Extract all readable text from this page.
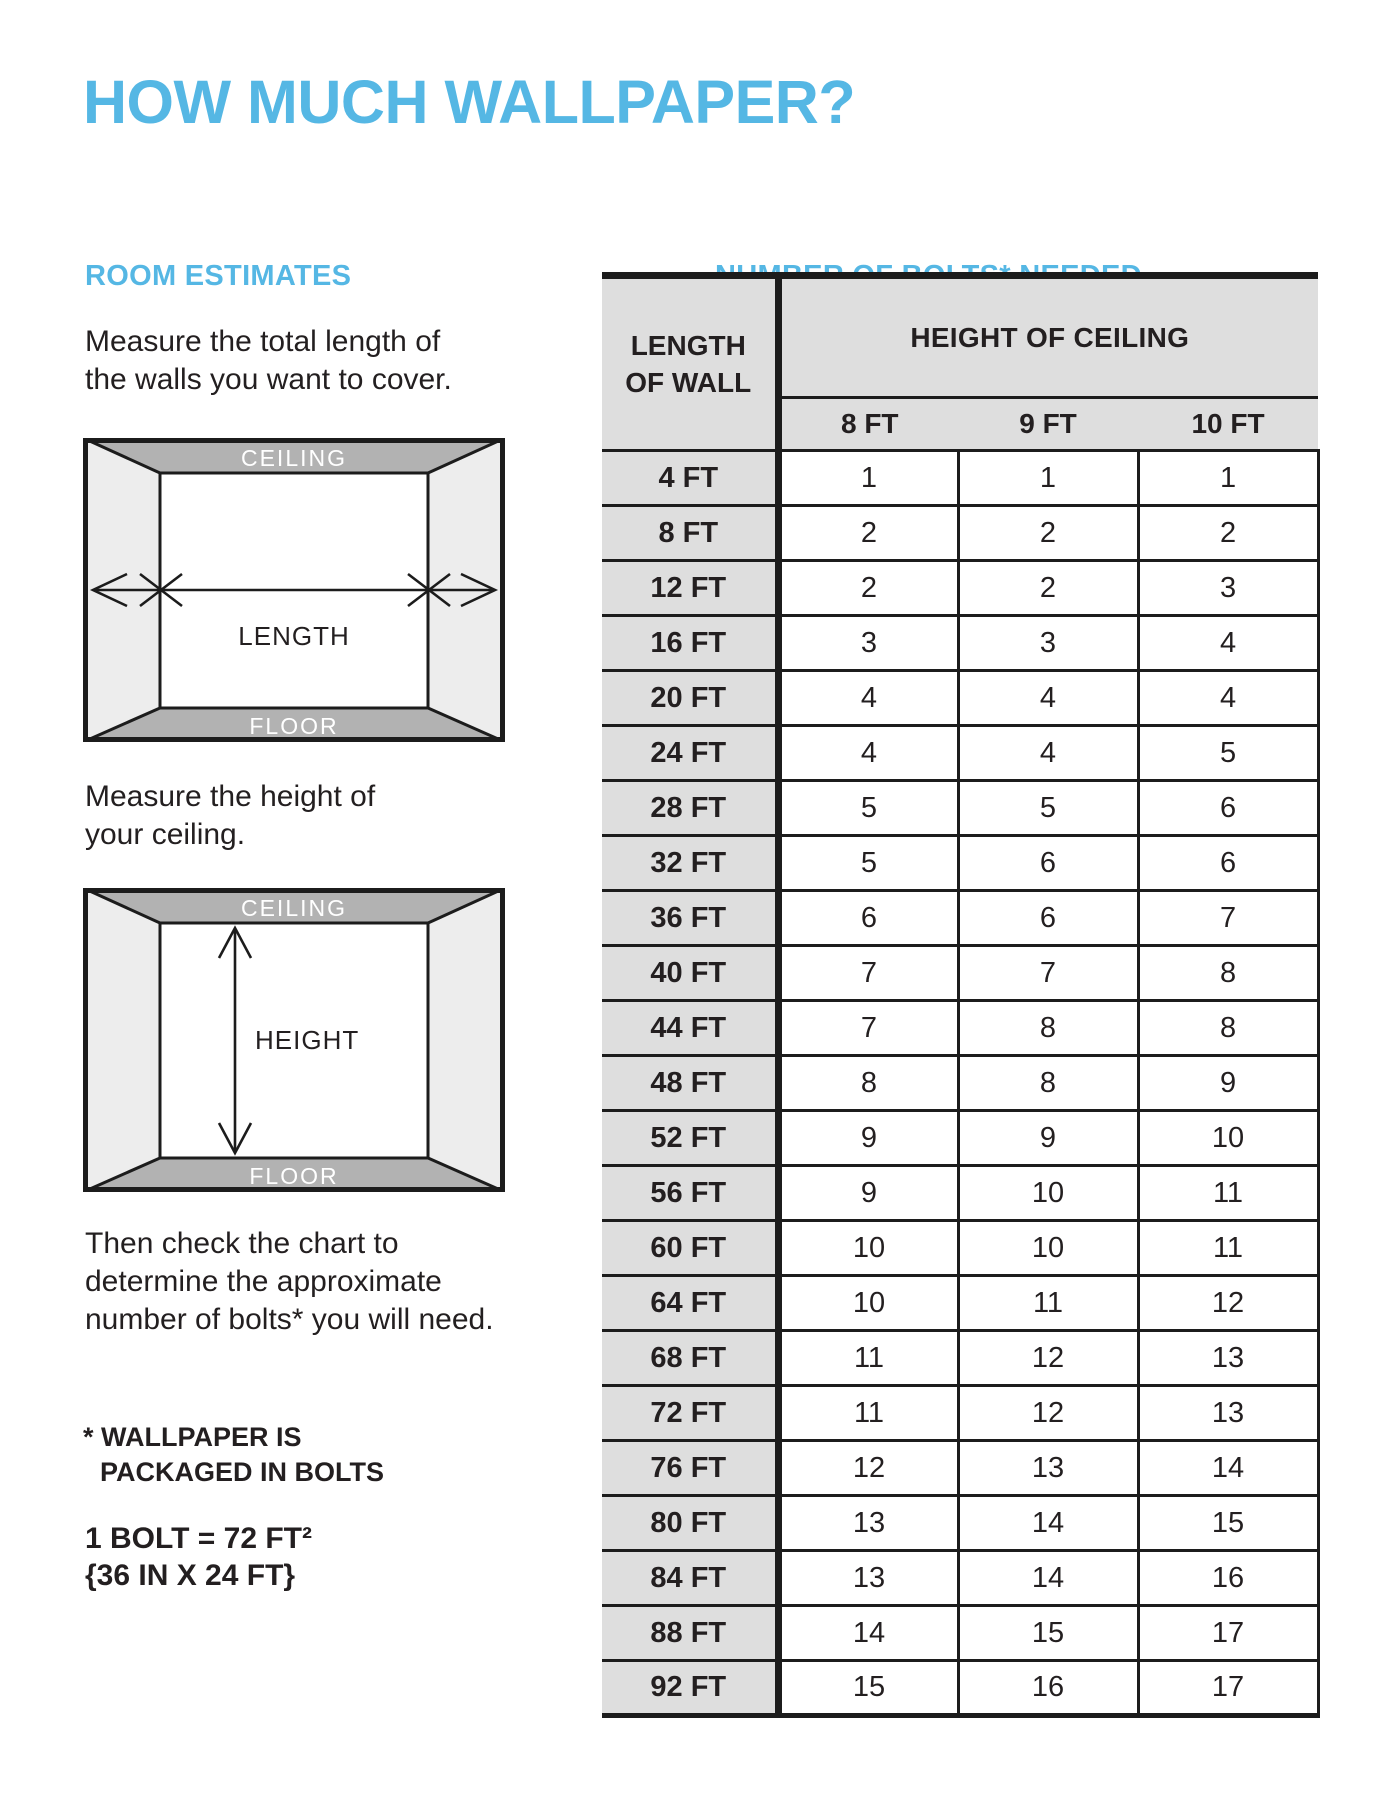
HOW MUCH WALLPAPER?
ROOM ESTIMATES
Measure the total length of
the walls you want to cover.
CEILING
FLOOR
LENGTH
Measure the height of
your ceiling.
CEILING
FLOOR
HEIGHT
Then check the chart to
determine the approximate
number of bolts* you will need.
* WALLPAPER IS
PACKAGED IN BOLTS
1 BOLT = 72 FT²
{36 IN X 24 FT}
LENGTH
OF WALL	HEIGHT OF CEILING		
	8 FT	9 FT	10 FT
4 FT	1	1	1
8 FT	2	2	2
12 FT	2	2	3
16 FT	3	3	4
20 FT	4	4	4
24 FT	4	4	5
28 FT	5	5	6
32 FT	5	6	6
36 FT	6	6	7
40 FT	7	7	8
44 FT	7	8	8
48 FT	8	8	9
52 FT	9	9	10
56 FT	9	10	11
60 FT	10	10	11
64 FT	10	11	12
68 FT	11	12	13
72 FT	11	12	13
76 FT	12	13	14
80 FT	13	14	15
84 FT	13	14	16
88 FT	14	15	17
92 FT	15	16	17
